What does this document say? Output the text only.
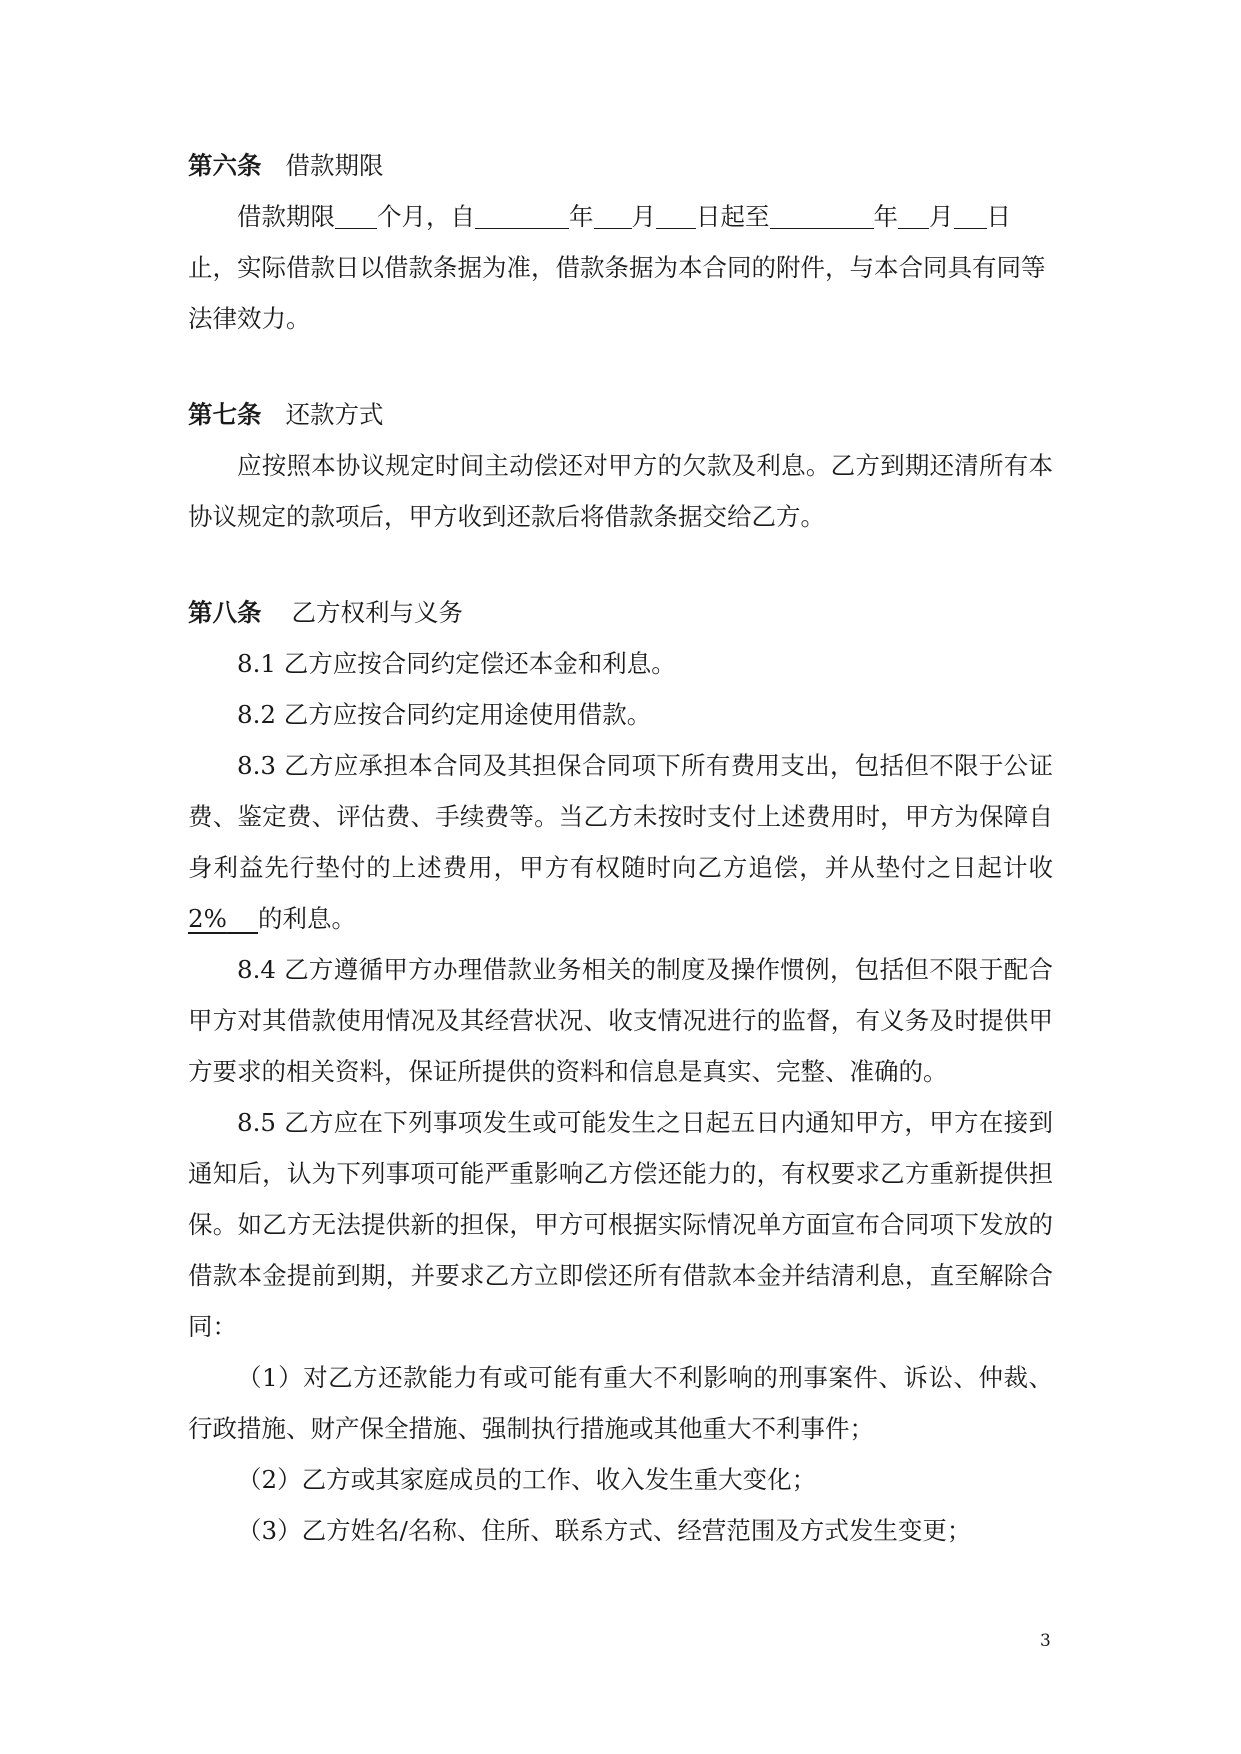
第六条 借款期限

借款期限 个月，自	年 月 日起至	年 月 日止，实际借款日以借款条据为准，借款条据为本合同的附件，与本合同具有同等法律效力。

第七条 还款方式

应按照本协议规定时间主动偿还对甲方的欠款及利息。乙方到期还清所有本协议规定的款项后，甲方收到还款后将借款条据交给乙方。

第八条 乙方权利与义务

8.1 乙方应按合同约定偿还本金和利息。

8.2 乙方应按合同约定用途使用借款。

8.3 乙方应承担本合同及其担保合同项下所有费用支出，包括但不限于公证费、鉴定费、评估费、手续费等。当乙方未按时支付上述费用时，甲方为保障自身利益先行垫付的上述费用，甲方有权随时向乙方追偿，并从垫付之日起计收2% 的利息。

8.4 乙方遵循甲方办理借款业务相关的制度及操作惯例，包括但不限于配合甲方对其借款使用情况及其经营状况、收支情况进行的监督，有义务及时提供甲方要求的相关资料，保证所提供的资料和信息是真实、完整、准确的。

8.5 乙方应在下列事项发生或可能发生之日起五日内通知甲方，甲方在接到通知后，认为下列事项可能严重影响乙方偿还能力的，有权要求乙方重新提供担保。如乙方无法提供新的担保，甲方可根据实际情况单方面宣布合同项下发放的借款本金提前到期，并要求乙方立即偿还所有借款本金并结清利息，直至解除合同：

（1）对乙方还款能力有或可能有重大不利影响的刑事案件、诉讼、仲裁、行政措施、财产保全措施、强制执行措施或其他重大不利事件；

（2）乙方或其家庭成员的工作、收入发生重大变化；

（3）乙方姓名/名称、住所、联系方式、经营范围及方式发生变更；

3
